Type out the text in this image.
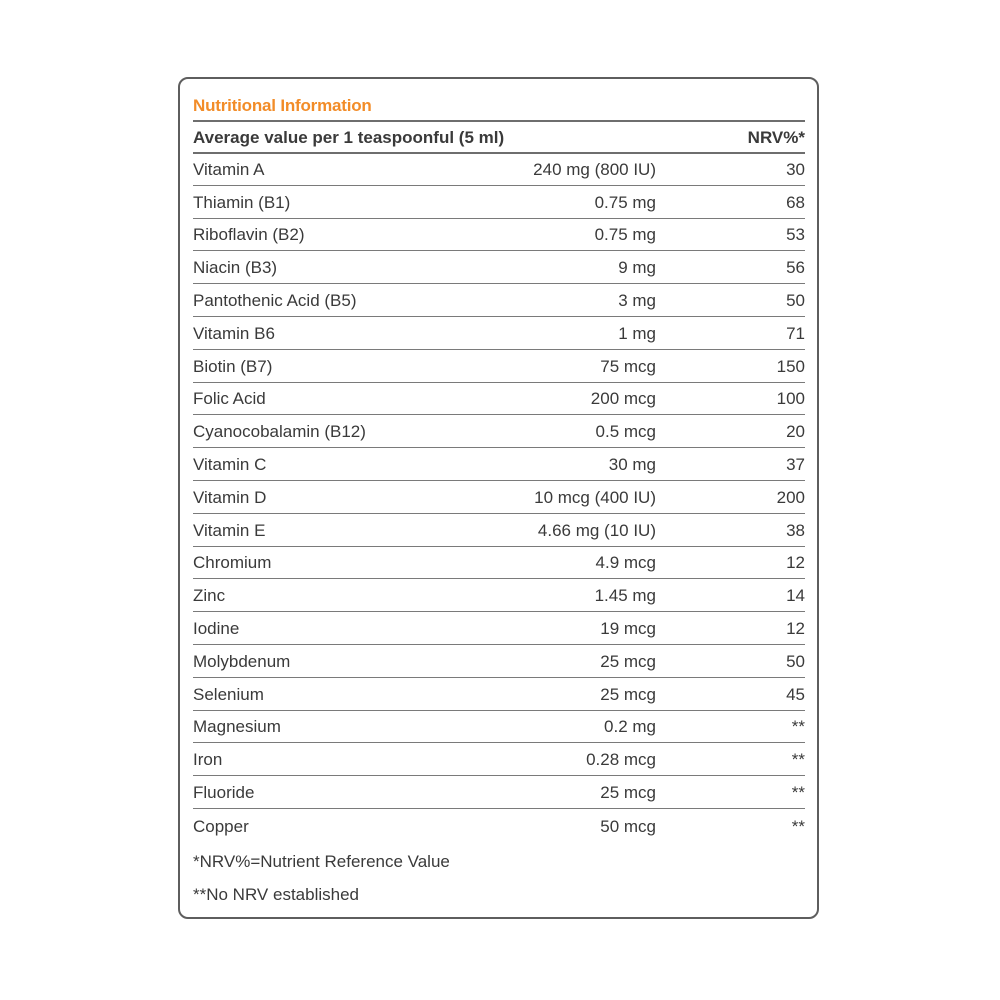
Nutritional Information
Average value per 1 teaspoonful (5 ml)	NRV%*
Vitamin A	240 mg (800 IU)	30
Thiamin (B1)	0.75 mg	68
Riboflavin (B2)	0.75 mg	53
Niacin (B3)	9 mg	56
Pantothenic Acid (B5)	3 mg	50
Vitamin B6	1 mg	71
Biotin (B7)	75 mcg	150
Folic Acid	200 mcg	100
Cyanocobalamin (B12)	0.5 mcg	20
Vitamin C	30 mg	37
Vitamin D	10 mcg (400 IU)	200
Vitamin E	4.66 mg (10 IU)	38
Chromium	4.9 mcg	12
Zinc	1.45 mg	14
Iodine	19 mcg	12
Molybdenum	25 mcg	50
Selenium	25 mcg	45
Magnesium	0.2 mg	**
Iron	0.28 mcg	**
Fluoride	25 mcg	**
Copper	50 mcg	**
*NRV%=Nutrient Reference Value
**No NRV established
